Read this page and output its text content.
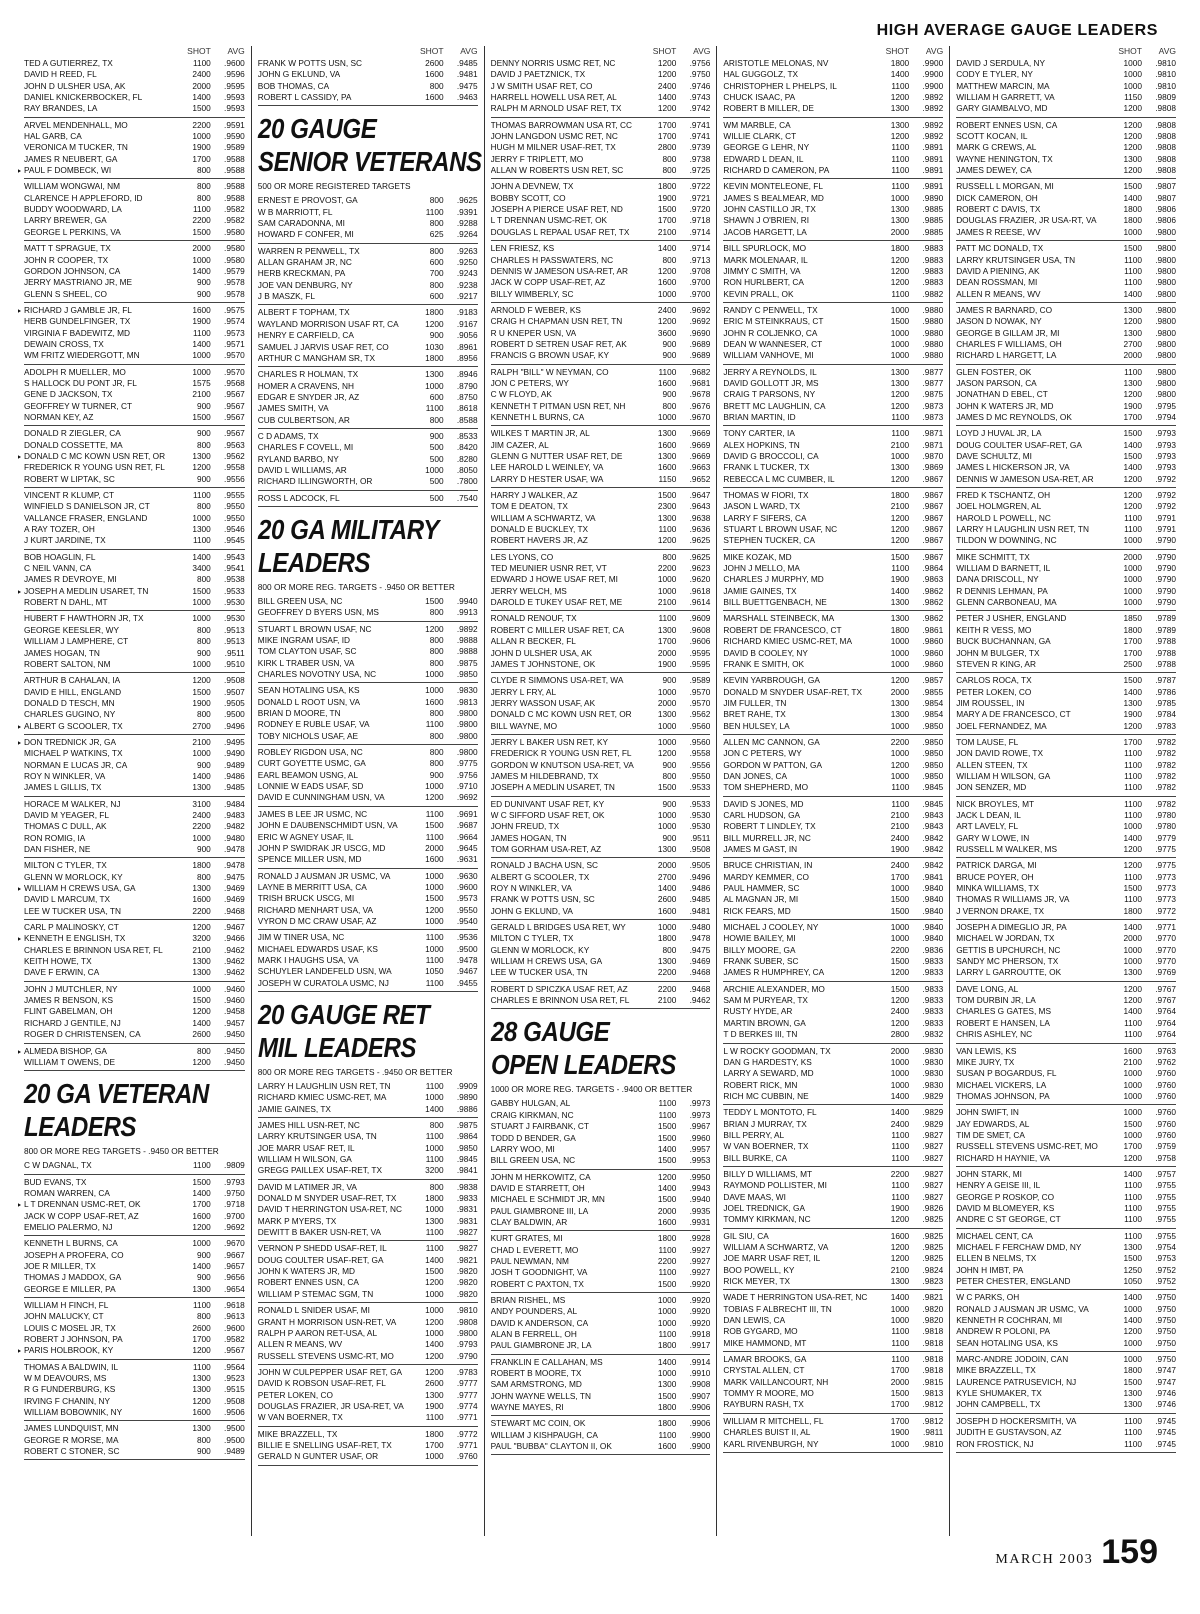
HIGH AVERAGE GAUGE LEADERS
SHOT	AVG
TED A GUTIERREZ, TX	1100	.9600
DAVID H REED, FL	2400	.9596
JOHN D ULSHER USA, AK	2000	.9595
DANIEL KNICKERBOCKER, FL	1400	.9593
RAY BRANDES, LA	1500	.9593
ARVEL MENDENHALL, MO	2200	.9591
HAL GARB, CA	1000	.9590
VERONICA M TUCKER, TN	1900	.9589
JAMES R NEUBERT, GA	1700	.9588
PAUL F DOMBECK, WI	800	.9588
WILLIAM WONGWAI, NM	800	.9588
CLARENCE H APPLEFORD, ID	800	.9588
BUDDY WOODWARD, LA	1100	.9582
LARRY BREWER, GA	2200	.9582
GEORGE L PERKINS, VA	1500	.9580
MATT T SPRAGUE, TX	2000	.9580
JOHN R COOPER, TX	1000	.9580
GORDON JOHNSON, CA	1400	.9579
JERRY MASTRIANO JR, ME	900	.9578
GLENN S SHEEL, CO	900	.9578
RICHARD J GAMBLE JR, FL	1600	.9575
HERB GUNDELFINGER, TX	1900	.9574
VIRGINIA F BADEWITZ, MD	1100	.9573
DEWAIN CROSS, TX	1400	.9571
WM FRITZ WIEDERGOTT, MN	1000	.9570
ADOLPH R MUELLER, MO	1000	.9570
S HALLOCK DU PONT JR, FL	1575	.9568
GENE D JACKSON, TX	2100	.9567
GEOFFREY W TURNER, CT	900	.9567
NORMAN KEY, AZ	1500	.9567
DONALD R ZIEGLER, CA	900	.9567
DONALD COSSETTE, MA	800	.9563
DONALD C MC KOWN USN RET, OR	1300	.9562
FREDERICK R YOUNG USN RET, FL	1200	.9558
ROBERT W LIPTAK, SC	900	.9556
VINCENT R KLUMP, CT	1100	.9555
WINFIELD S DANIELSON JR, CT	800	.9550
VALLANCE FRASER, ENGLAND	1000	.9550
A RAY TOZER, OH	1300	.9546
J KURT JARDINE, TX	1100	.9545
BOB HOAGLIN, FL	1400	.9543
C NEIL VANN, CA	3400	.9541
JAMES R DEVROYE, MI	800	.9538
JOSEPH A MEDLIN USARET, TN	1500	.9533
ROBERT N DAHL, MT	1000	.9530
HUBERT F HAWTHORN JR, TX	1000	.9530
GEORGE KEESLER, WY	800	.9513
WILLIAM J LAMPHERE, CT	800	.9513
JAMES HOGAN, TN	900	.9511
ROBERT SALTON, NM	1000	.9510
ARTHUR B CAHALAN, IA	1200	.9508
DAVID E HILL, ENGLAND	1500	.9507
DONALD D TESCH, MN	1900	.9505
CHARLES GUGINO, NY	800	.9500
ALBERT G SCOOLER, TX	2700	.9496
DON TREDNICK JR, GA	2100	.9495
MICHAEL P WATKINS, TX	1000	.9490
NORMAN E LUCAS JR, CA	900	.9489
ROY N WINKLER, VA	1400	.9486
JAMES L GILLIS, TX	1300	.9485
HORACE M WALKER, NJ	3100	.9484
DAVID M YEAGER, FL	2400	.9483
THOMAS C DULL, AK	2200	.9482
RON ROMIG, IA	1000	.9480
DAN FISHER, NE	900	.9478
MILTON C TYLER, TX	1800	.9478
GLENN W MORLOCK, KY	800	.9475
WILLIAM H CREWS USA, GA	1300	.9469
DAVID L MARCUM, TX	1600	.9469
LEE W TUCKER USA, TN	2200	.9468
CARL P MALINOSKY, CT	1200	.9467
KENNETH E ENGLISH, TX	3200	.9466
CHARLES E BRINNON USA RET, FL	2100	.9462
KEITH HOWE, TX	1300	.9462
DAVE F ERWIN, CA	1300	.9462
JOHN J MUTCHLER, NY	1000	.9460
JAMES R BENSON, KS	1500	.9460
FLINT GABELMAN, OH	1200	.9458
RICHARD J GENTILE, NJ	1400	.9457
ROGER D CHRISTENSEN, CA	2600	.9450
ALMEDA BISHOP, GA	800	.9450
WILLIAM T OWENS, DE	1200	.9450
20 GA VETERAN
LEADERS
800 OR MORE REG TARGETS - .9450 OR BETTER
C W DAGNAL, TX	1100	.9809
BUD EVANS, TX	1500	.9793
ROMAN WARREN, CA	1400	.9750
L T DRENNAN USMC-RET, OK	1700	.9718
JACK W COPP USAF-RET, AZ	1600	.9700
EMELIO PALERMO, NJ	1200	.9692
KENNETH L BURNS, CA	1000	.9670
JOSEPH A PROFERA, CO	900	.9667
JOE R MILLER, TX	1400	.9657
THOMAS J MADDOX, GA	900	.9656
GEORGE E MILLER, PA	1300	.9654
WILLIAM H FINCH, FL	1100	.9618
JOHN MALUCKY, CT	800	.9613
LOUIS C MOSEL JR, TX	2600	.9600
ROBERT J JOHNSON, PA	1700	.9582
PARIS HOLBROOK, KY	1200	.9567
THOMAS A BALDWIN, IL	1100	.9564
W M DEAVOURS, MS	1300	.9523
R G FUNDERBURG, KS	1300	.9515
IRVING F CHANIN, NY	1200	.9508
WILLIAM BOBOWNIK, NY	1600	.9506
JAMES LUNDQUIST, MN	1300	.9500
GEORGE R MORSE, MA	800	.9500
ROBERT C STONER, SC	900	.9489
SHOT	AVG
FRANK W POTTS USN, SC	2600	.9485
JOHN G EKLUND, VA	1600	.9481
BOB THOMAS, CA	800	.9475
ROBERT L CASSIDY, PA	1600	.9463
20 GAUGE
SENIOR VETERANS
500 OR MORE REGISTERED TARGETS
ERNEST E PROVOST, GA	800	.9625
W B MARRIOTT, FL	1100	.9391
SAM CARADONNA, MI	800	.9288
HOWARD F CONFER, MI	625	.9264
WARREN R PENWELL, TX	800	.9263
ALLAN GRAHAM JR, NC	600	.9250
HERB KRECKMAN, PA	700	.9243
JOE VAN DENBURG, NY	800	.9238
J B MASZK, FL	600	.9217
ALBERT F TOPHAM, TX	1800	.9183
WAYLAND MORRISON USAF RT, CA	1200	.9167
HENRY E CARFIELD, CA	900	.9056
SAMUEL J JARVIS USAF RET, CO	1030	.8961
ARTHUR C MANGHAM SR, TX	1800	.8956
CHARLES R HOLMAN, TX	1300	.8946
HOMER A CRAVENS, NH	1000	.8790
EDGAR E SNYDER JR, AZ	600	.8750
JAMES SMITH, VA	1100	.8618
CUB CULBERTSON, AR	800	.8588
C D ADAMS, TX	900	.8533
CHARLES F COVELL, MI	500	.8420
RYLAND BARBO, NY	500	.8280
DAVID L WILLIAMS, AR	1000	.8050
RICHARD ILLINGWORTH, OR	500	.7800
ROSS L ADCOCK, FL	500	.7540
20 GA MILITARY
LEADERS
800 OR MORE REG. TARGETS - .9450 OR BETTER
BILL GREEN USA, NC	1500	.9940
GEOFFREY D BYERS USN, MS	800	.9913
STUART L BROWN USAF, NC	1200	.9892
MIKE INGRAM USAF, ID	800	.9888
TOM CLAYTON USAF, SC	800	.9888
KIRK L TRABER USN, VA	800	.9875
CHARLES NOVOTNY USA, NC	1000	.9850
SEAN HOTALING USA, KS	1000	.9830
DONALD L ROOT USN, VA	1600	.9813
BRIAN D MOORE, TN	800	.9800
RODNEY E RUBLE USAF, VA	1100	.9800
TOBY NICHOLS USAF, AE	800	.9800
ROBLEY RIGDON USA, NC	800	.9800
CURT GOYETTE USMC, GA	800	.9775
EARL BEAMON USNG, AL	900	.9756
LONNIE W EADS USAF, SD	1000	.9710
DAVID E CUNNINGHAM USN, VA	1200	.9692
JAMES B LEE JR USMC, NC	1100	.9691
JOHN E DAUBENSCHMIDT USN, VA	1500	.9687
ERIC W AGNEY USAF, IL	1100	.9664
JOHN P SWIDRAK JR USCG, MD	2000	.9645
SPENCE MILLER USN, MD	1600	.9631
RONALD J AUSMAN JR USMC, VA	1000	.9630
LAYNE B MERRITT USA, CA	1000	.9600
TRISH BRUCK USCG, MI	1500	.9573
RICHARD MENHART USA, VA	1200	.9550
VYRON D MC CRAW USAF, AZ	1000	.9540
JIM W TINER USA, NC	1100	.9536
MICHAEL EDWARDS USAF, KS	1000	.9500
MARK I HAUGHS USA, VA	1100	.9478
SCHUYLER LANDEFELD USN, WA	1050	.9467
JOSEPH W CURATOLA USMC, NJ	1100	.9455
20 GAUGE RET
MIL LEADERS
800 OR MORE REG TARGETS - .9450 OR BETTER
LARRY H LAUGHLIN USN RET, TN	1100	.9909
RICHARD KMIEC USMC-RET, MA	1000	.9890
JAMIE GAINES, TX	1400	.9886
JAMES HILL USN-RET, NC	800	.9875
LARRY KRUTSINGER USA, TN	1100	.9864
JOE MARR USAF RET, IL	1000	.9850
WILLIAM H WILSON, GA	1100	.9845
GREGG PAILLEX USAF-RET, TX	3200	.9841
DAVID M LATIMER JR, VA	800	.9838
DONALD M SNYDER USAF-RET, TX	1800	.9833
DAVID T HERRINGTON USA-RET, NC	1000	.9831
MARK P MYERS, TX	1300	.9831
DEWITT B BAKER USN-RET, VA	1100	.9827
VERNON P SHEDD USAF-RET, IL	1100	.9827
DOUG COULTER USAF-RET, GA	1400	.9821
JOHN K WATERS JR, MD	1500	.9820
ROBERT ENNES USN, CA	1200	.9820
WILLIAM P STEMAC SGM, TN	1000	.9820
RONALD L SNIDER USAF, MI	1000	.9810
GRANT H MORRISON USN-RET, VA	1200	.9808
RALPH P AARON RET-USA, AL	1000	.9800
ALLEN R MEANS, WV	1400	.9793
RUSSELL STEVENS USMC-RT, MO	1200	.9790
JOHN W CULPEPPER USAF RET, GA	1200	.9783
DAVID K ROBSON USAF-RET, FL	2600	.9777
PETER LOKEN, CO	1300	.9777
DOUGLAS FRAZIER, JR USA-RET, VA	1900	.9774
W VAN BOERNER, TX	1100	.9771
MIKE BRAZZELL, TX	1800	.9772
BILLIE E SNELLING USAF-RET, TX	1700	.9771
GERALD N GUNTER USAF, OR	1000	.9760
SHOT	AVG
DENNY NORRIS USMC RET, NC	1200	.9756
DAVID J PAETZNICK, TX	1200	.9750
J W SMITH USAF RET, CO	2400	.9746
HARRELL HOWELL USA RET, AL	1400	.9743
RALPH M ARNOLD USAF RET, TX	1200	.9742
THOMAS BARROWMAN USA RT, CC	1700	.9741
JOHN LANGDON USMC RET, NC	1700	.9741
HUGH M MILNER USAF-RET, TX	2800	.9739
JERRY F TRIPLETT, MO	800	.9738
ALLAN W ROBERTS USN RET, SC	800	.9725
JOHN A DEVNEW, TX	1800	.9722
BOBBY SCOTT, CO	1900	.9721
JOSEPH A PIERCE USAF RET, ND	1500	.9720
L T DRENNAN USMC-RET, OK	1700	.9718
DOUGLAS L REPAAL USAF RET, TX	2100	.9714
LEN FRIESZ, KS	1400	.9714
CHARLES H PASSWATERS, NC	800	.9713
DENNIS W JAMESON USA-RET, AR	1200	.9708
JACK W COPP USAF-RET, AZ	1600	.9700
BILLY WIMBERLY, SC	1000	.9700
ARNOLD F WEBER, KS	2400	.9692
CRAIG H CHAPMAN USN RET, TN	1200	.9692
R U KNEPER USN, VA	3600	.9690
ROBERT D SETREN USAF RET, AK	900	.9689
FRANCIS G BROWN USAF, KY	900	.9689
RALPH "BILL" W NEYMAN, CO	1100	.9682
JON C PETERS, WY	1600	.9681
C W FLOYD, AK	900	.9678
KENNETH T PITMAN USN RET, NH	800	.9676
KENNETH L BURNS, CA	1000	.9670
WILKES T MARTIN JR, AL	1300	.9669
JIM CAZER, AL	1600	.9669
GLENN G NUTTER USAF RET, DE	1300	.9669
LEE HAROLD L WEINLEY, VA	1600	.9663
LARRY D HESTER USAF, WA	1150	.9652
HARRY J WALKER, AZ	1500	.9647
TOM E DEATON, TX	2300	.9643
WILLIAM A SCHWARTZ, VA	1300	.9638
DONALD E BUCKLEY, TX	1100	.9636
ROBERT HAVERS JR, AZ	1200	.9625
LES LYONS, CO	800	.9625
TED MEUNIER USNR RET, VT	2200	.9623
EDWARD J HOWE USAF RET, MI	1000	.9620
JERRY WELCH, MS	1000	.9618
DAROLD E TUKEY USAF RET, ME	2100	.9614
RONALD RENOUF, TX	1100	.9609
ROBERT C MILLER USAF RET, CA	1300	.9608
ALLAN R BECKER, FL	1700	.9606
JOHN D ULSHER USA, AK	2000	.9595
JAMES T JOHNSTONE, OK	1900	.9595
CLYDE R SIMMONS USA-RET, WA	900	.9589
JERRY L FRY, AL	1000	.9570
JERRY WASSON USAF, AK	2000	.9570
DONALD C MC KOWN USN RET, OR	1300	.9562
BILL WAYNE, MO	1000	.9560
JERRY L BAKER USN RET, KY	1000	.9560
FREDERICK R YOUNG USN RET, FL	1200	.9558
GORDON W KNUTSON USA-RET, VA	900	.9556
JAMES M HILDEBRAND, TX	800	.9550
JOSEPH A MEDLIN USARET, TN	1500	.9533
ED DUNIVANT USAF RET, KY	900	.9533
W C SIFFORD USAF RET, OK	1000	.9530
JOHN FREUD, TX	1000	.9530
JAMES HOGAN, TN	900	.9511
TOM GORHAM USA-RET, AZ	1300	.9508
RONALD J BACHA USN, SC	2000	.9505
ALBERT G SCOOLER, TX	2700	.9496
ROY N WINKLER, VA	1400	.9486
FRANK W POTTS USN, SC	2600	.9485
JOHN G EKLUND, VA	1600	.9481
GERALD L BRIDGES USA RET, WY	1000	.9480
MILTON C TYLER, TX	1800	.9478
GLENN W MORLOCK, KY	800	.9475
WILLIAM H CREWS USA, GA	1300	.9469
LEE W TUCKER USA, TN	2200	.9468
ROBERT D SPICZKA USAF RET, AZ	2200	.9468
CHARLES E BRINNON USA RET, FL	2100	.9462
28 GAUGE
OPEN LEADERS
1000 OR MORE REG. TARGETS - .9400 OR BETTER
GABBY HULGAN, AL	1100	.9973
CRAIG KIRKMAN, NC	1100	.9973
STUART J FAIRBANK, CT	1500	.9967
TODD D BENDER, GA	1500	.9960
LARRY WOO, MI	1400	.9957
BILL GREEN USA, NC	1500	.9953
JOHN M HERKOWITZ, CA	1200	.9950
DAVID E STARRETT, OH	1400	.9943
MICHAEL E SCHMIDT JR, MN	1500	.9940
PAUL GIAMBRONE III, LA	2000	.9935
CLAY BALDWIN, AR	1600	.9931
KURT GRATES, MI	1800	.9928
CHAD L EVERETT, MO	1100	.9927
PAUL NEWMAN, NM	2200	.9927
JOSH T GOODNIGHT, VA	1100	.9927
ROBERT C PAXTON, TX	1500	.9920
BRIAN RISHEL, MS	1000	.9920
ANDY POUNDERS, AL	1000	.9920
DAVID K ANDERSON, CA	1000	.9920
ALAN B FERRELL, OH	1100	.9918
PAUL GIAMBRONE JR, LA	1800	.9917
FRANKLIN E CALLAHAN, MS	1400	.9914
ROBERT B MOORE, TX	1000	.9910
SAM ARMSTRONG, MD	1300	.9908
JOHN WAYNE WELLS, TN	1500	.9907
WAYNE MAYES, RI	1800	.9906
STEWART MC COIN, OK	1800	.9906
WILLIAM J KISHPAUGH, CA	1100	.9900
PAUL "BUBBA" CLAYTON II, OK	1600	.9900
SHOT	AVG
ARISTOTLE MELONAS, NV	1800	.9900
HAL GUGGOLZ, TX	1400	.9900
CHRISTOPHER L PHELPS, IL	1100	.9900
CHUCK ISAAC, PA	1200	.9892
ROBERT B MILLER, DE	1300	.9892
WM MARBLE, CA	1300	.9892
WILLIE CLARK, CT	1200	.9892
GEORGE G LEHR, NY	1100	.9891
EDWARD L DEAN, IL	1100	.9891
RICHARD D CAMERON, PA	1100	.9891
KEVIN MONTELEONE, FL	1100	.9891
JAMES S BEALMEAR, MD	1000	.9890
JOHN CASTILLO JR, TX	1300	.9885
SHAWN J O'BRIEN, RI	1300	.9885
JACOB HARGETT, LA	2000	.9885
BILL SPURLOCK, MO	1800	.9883
MARK MOLENAAR, IL	1200	.9883
JIMMY C SMITH, VA	1200	.9883
RON HURLBERT, CA	1200	.9883
KEVIN PRALL, OK	1100	.9882
RANDY C PENWELL, TX	1000	.9880
ERIC M STEINKRAUS, CT	1500	.9880
JOHN R COLJENKO, CA	1000	.9880
DEAN W WANNESER, CT	1000	.9880
WILLIAM VANHOVE, MI	1000	.9880
JERRY A REYNOLDS, IL	1300	.9877
DAVID GOLLOTT JR, MS	1300	.9877
CRAIG T PARSONS, NY	1200	.9875
BRETT MC LAUGHLIN, CA	1200	.9873
BRIAN MARTIN, ID	1100	.9873
TONY CARTER, IA	1100	.9871
ALEX HOPKINS, TN	2100	.9871
DAVID G BROCCOLI, CA	1000	.9870
FRANK L TUCKER, TX	1300	.9869
REBECCA L MC CUMBER, IL	1200	.9867
THOMAS W FIORI, TX	1800	.9867
JASON L WARD, TX	2100	.9867
LARRY F SIFERS, CA	1200	.9867
STUART L BROWN USAF, NC	1200	.9867
STEPHEN TUCKER, CA	1200	.9867
MIKE KOZAK, MD	1500	.9867
JOHN J MELLO, MA	1100	.9864
CHARLES J MURPHY, MD	1900	.9863
JAMIE GAINES, TX	1400	.9862
BILL BUETTGENBACH, NE	1300	.9862
MARSHALL STEINBECK, MA	1300	.9862
ROBERT DE FRANCESCO, CT	1800	.9861
RICHARD KMIEC USMC-RET, MA	1000	.9860
DAVID B COOLEY, NY	1000	.9860
FRANK E SMITH, OK	1000	.9860
KEVIN YARBROUGH, GA	1200	.9857
DONALD M SNYDER USAF-RET, TX	2000	.9855
JIM FULLER, TN	1300	.9854
BRET RAHE, TX	1300	.9854
BEN HULSEY, LA	1000	.9850
ALLEN MC CANNON, GA	2200	.9850
JON C PETERS, WY	1000	.9850
GORDON W PATTON, GA	1200	.9850
DAN JONES, CA	1000	.9850
TOM SHEPHERD, MO	1100	.9845
DAVID S JONES, MD	1100	.9845
CARL HUDSON, GA	2100	.9843
ROBERT T LINDLEY, TX	2100	.9843
BILL MURRELL JR, NC	2400	.9842
JAMES M GAST, IN	1900	.9842
BRUCE CHRISTIAN, IN	2400	.9842
MARDY KEMMER, CO	1700	.9841
PAUL HAMMER, SC	1000	.9840
AL MAGNAN JR, MI	1500	.9840
RICK FEARS, MD	1500	.9840
MICHAEL J COOLEY, NY	1000	.9840
HOWIE BAILEY, MI	1000	.9840
BILLY MOORE, GA	2200	.9836
FRANK SUBER, SC	1500	.9833
JAMES R HUMPHREY, CA	1200	.9833
ARCHIE ALEXANDER, MO	1500	.9833
SAM M PURYEAR, TX	1200	.9833
RUSTY HYDE, AR	2400	.9833
MARTIN BROWN, GA	1200	.9833
T D BERKES III, TN	2800	.9832
L W ROCKY GOODMAN, TX	2000	.9830
DAN G HARDESTY, KS	1000	.9830
LARRY A SEWARD, MD	1000	.9830
ROBERT RICK, MN	1000	.9830
RICH MC CUBBIN, NE	1400	.9829
TEDDY L MONTOTO, FL	1400	.9829
BRIAN J MURRAY, TX	2400	.9829
BILL PERRY, AL	1100	.9827
W VAN BOERNER, TX	1100	.9827
BILL BURKE, CA	1100	.9827
BILLY D WILLIAMS, MT	2200	.9827
RAYMOND POLLISTER, MI	1100	.9827
DAVE MAAS, WI	1100	.9827
JOEL TREDNICK, GA	1900	.9826
TOMMY KIRKMAN, NC	1200	.9825
GIL SIU, CA	1600	.9825
WILLIAM A SCHWARTZ, VA	1200	.9825
JOE MARR USAF RET, IL	1200	.9825
BOO POWELL, KY	2100	.9824
RICK MEYER, TX	1300	.9823
WADE T HERRINGTON USA-RET, NC	1400	.9821
TOBIAS F ALBRECHT III, TN	1000	.9820
DAN LEWIS, CA	1000	.9820
ROB GYGARD, MO	1100	.9818
MIKE HAMMOND, MT	1100	.9818
LAMAR BROOKS, GA	1100	.9818
CRYSTAL ALLEN, CT	1700	.9818
MARK VAILLANCOURT, NH	2000	.9815
TOMMY R MOORE, MO	1500	.9813
RAYBURN RASH, TX	1700	.9812
WILLIAM R MITCHELL, FL	1700	.9812
CHARLES BUIST II, AL	1900	.9811
KARL RIVENBURGH, NY	1000	.9810
SHOT	AVG
DAVID J SERDULA, NY	1000	.9810
CODY E TYLER, NY	1000	.9810
MATTHEW MARCIN, MA	1000	.9810
WILLIAM H GARRETT, VA	1150	.9809
GARY GIAMBALVO, MD	1200	.9808
ROBERT ENNES USN, CA	1200	.9808
SCOTT KOCAN, IL	1200	.9808
MARK G CREWS, AL	1200	.9808
WAYNE HENINGTON, TX	1300	.9808
JAMES DEWEY, CA	1200	.9808
RUSSELL L MORGAN, MI	1500	.9807
DICK CAMERON, OH	1400	.9807
ROBERT C DAVIS, TX	1800	.9806
DOUGLAS FRAZIER, JR USA-RT, VA	1800	.9806
JAMES R REESE, WV	1000	.9800
PATT MC DONALD, TX	1500	.9800
LARRY KRUTSINGER USA, TN	1100	.9800
DAVID A PIENING, AK	1100	.9800
DEAN ROSSMAN, MI	1100	.9800
ALLEN R MEANS, WV	1400	.9800
JAMES R BARNARD, CO	1300	.9800
JASON D NOWAK, NY	1200	.9800
GEORGE B GILLAM JR, MI	1300	.9800
CHARLES F WILLIAMS, OH	2700	.9800
RICHARD L HARGETT, LA	2000	.9800
GLEN FOSTER, OK	1100	.9800
JASON PARSON, CA	1300	.9800
JONATHAN D EBEL, CT	1200	.9800
JOHN K WATERS JR, MD	1900	.9795
JAMES D MC REYNOLDS, OK	1700	.9794
LOYD J HUVAL JR, LA	1500	.9793
DOUG COULTER USAF-RET, GA	1400	.9793
DAVE SCHULTZ, MI	1500	.9793
JAMES L HICKERSON JR, VA	1400	.9793
DENNIS W JAMESON USA-RET, AR	1200	.9792
FRED K TSCHANTZ, OH	1200	.9792
JOEL HOLMGREN, AL	1200	.9792
HAROLD L POWELL, NC	1100	.9791
LARRY H LAUGHLIN USN RET, TN	1100	.9791
TILDON W DOWNING, NC	1000	.9790
MIKE SCHMITT, TX	2000	.9790
WILLIAM D BARNETT, IL	1000	.9790
DANA DRISCOLL, NY	1000	.9790
R DENNIS LEHMAN, PA	1000	.9790
GLENN CARBONEAU, MA	1000	.9790
PETER J USHER, ENGLAND	1850	.9789
KEITH R VESS, MO	1800	.9789
BUCK BUCHANNAN, GA	1700	.9788
JOHN M BULGER, TX	1700	.9788
STEVEN R KING, AR	2500	.9788
CARLOS ROCA, TX	1500	.9787
PETER LOKEN, CO	1400	.9786
JIM ROUSSEL, IN	1300	.9785
MARY A DE FRANCESCO, CT	1900	.9784
JOEL FERNANDEZ, MA	1200	.9783
TOM LAUSE, FL	1700	.9782
JON DAVID ROWE, TX	1100	.9782
ALLEN STEEN, TX	1100	.9782
WILLIAM H WILSON, GA	1100	.9782
JON SENZER, MD	1100	.9782
NICK BROYLES, MT	1100	.9782
JACK L DEAN, IL	1100	.9780
ART LAVELY, FL	1000	.9780
GARY W LOWE, IN	1400	.9779
RUSSELL M WALKER, MS	1200	.9775
PATRICK DARGA, MI	1200	.9775
BRUCE POYER, OH	1100	.9773
MINKA WILLIAMS, TX	1500	.9773
THOMAS R WILLIAMS JR, VA	1100	.9773
J VERNON DRAKE, TX	1800	.9772
JOSEPH A DIMEGLIO JR, PA	1400	.9771
MICHAEL W JORDAN, TX	2000	.9770
GETTIS B UPCHURCH, NC	1000	.9770
SANDY MC PHERSON, TX	1000	.9770
LARRY L GARROUTTE, OK	1300	.9769
DAVE LONG, AL	1200	.9767
TOM DURBIN JR, LA	1200	.9767
CHARLES G GATES, MS	1400	.9764
ROBERT E HANSEN, LA	1100	.9764
CHRIS ASHLEY, NC	1100	.9764
VAN LEWIS, KS	1600	.9763
MIKE JURY, TX	2100	.9762
SUSAN P BOGARDUS, FL	1000	.9760
MICHAEL VICKERS, LA	1000	.9760
THOMAS JOHNSON, PA	1000	.9760
JOHN SWIFT, IN	1000	.9760
JAY EDWARDS, AL	1500	.9760
TIM DE SMET, CA	1000	.9760
RUSSELL STEVENS USMC-RET, MO	1700	.9759
RICHARD H HAYNIE, VA	1200	.9758
JOHN STARK, MI	1400	.9757
HENRY A GEISE III, IL	1100	.9755
GEORGE P ROSKOP, CO	1100	.9755
DAVID M BLOMEYER, KS	1100	.9755
ANDRE C ST GEORGE, CT	1100	.9755
MICHAEL CENT, CA	1100	.9755
MICHAEL F FERCHAW DMD, NY	1300	.9754
ELLEN B NELMS, TX	1500	.9753
JOHN H IMBT, PA	1250	.9752
PETER CHESTER, ENGLAND	1050	.9752
W C PARKS, OH	1400	.9750
RONALD J AUSMAN JR USMC, VA	1000	.9750
KENNETH R COCHRAN, MI	1400	.9750
ANDREW R POLONI, PA	1200	.9750
SEAN HOTALING USA, KS	1000	.9750
MARC-ANDRE JODOIN, CAN	1000	.9750
MIKE BRAZZELL, TX	1800	.9747
LAURENCE PATRUSEVICH, NJ	1500	.9747
KYLE SHUMAKER, TX	1300	.9746
JOHN CAMPBELL, TX	1300	.9746
JOSEPH D HOCKERSMITH, VA	1100	.9745
JUDITH E GUSTAVSON, AZ	1100	.9745
RON FROSTICK, NJ	1100	.9745
MARCH 2003 159
